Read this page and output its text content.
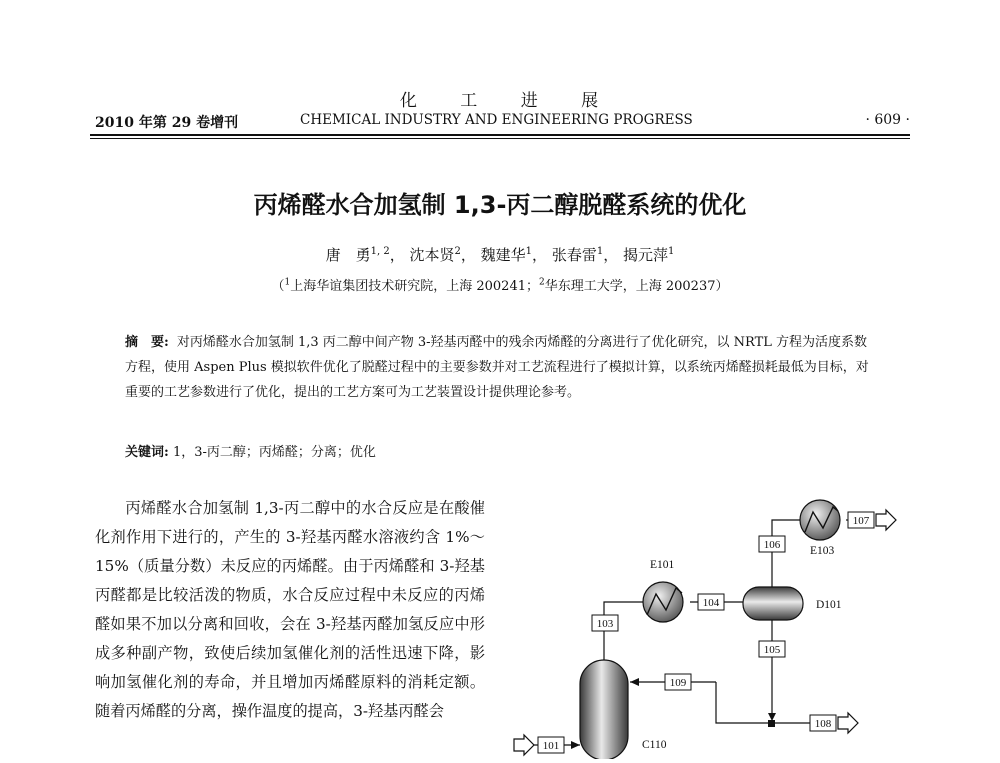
化 工 进 展
2010 年第 29 卷增刊	CHEMICAL INDUSTRY AND ENGINEERING PROGRESS	· 609 ·
丙烯醛水合加氢制 1,3-丙二醇脱醛系统的优化
唐　勇$^{1, 2}$， 沈本贤$^2$， 魏建华$^1$， 张春雷$^1$， 揭元萍$^1$
（$^1$上海华谊集团技术研究院，上海 200241；$^2$华东理工大学，上海 200237）
摘　要: 对丙烯醛水合加氢制 1,3 丙二醇中间产物 3-羟基丙醛中的残余丙烯醛的分离进行了优化研究，以 NRTL 方程为活度系数方程，使用 Aspen Plus 模拟软件优化了脱醛过程中的主要参数并对工艺流程进行了模拟计算，以系统丙烯醛损耗最低为目标，对重要的工艺参数进行了优化，提出的工艺方案可为工艺装置设计提供理论参考。
关键词: 1，3-丙二醇；丙烯醛；分离；优化

丙烯醛水合加氢制 1,3-丙二醇中的水合反应是在酸催化剂作用下进行的，产生的 3-羟基丙醛水溶液约含 1%～15%（质量分数）未反应的丙烯醛。由于丙烯醛和 3-羟基丙醛都是比较活泼的物质，水合反应过程中未反应的丙烯醛如果不加以分离和回收，会在 3-羟基丙醛加氢反应中形成多种副产物，致使后续加氢催化剂的活性迅速下降，影响加氢催化剂的寿命，并且增加丙烯醛原料的消耗定额。随着丙烯醛的分离，操作温度的提高，3-羟基丙醛会

103
104
106
107
105
109
108
101
E101
E103
D101
C110
